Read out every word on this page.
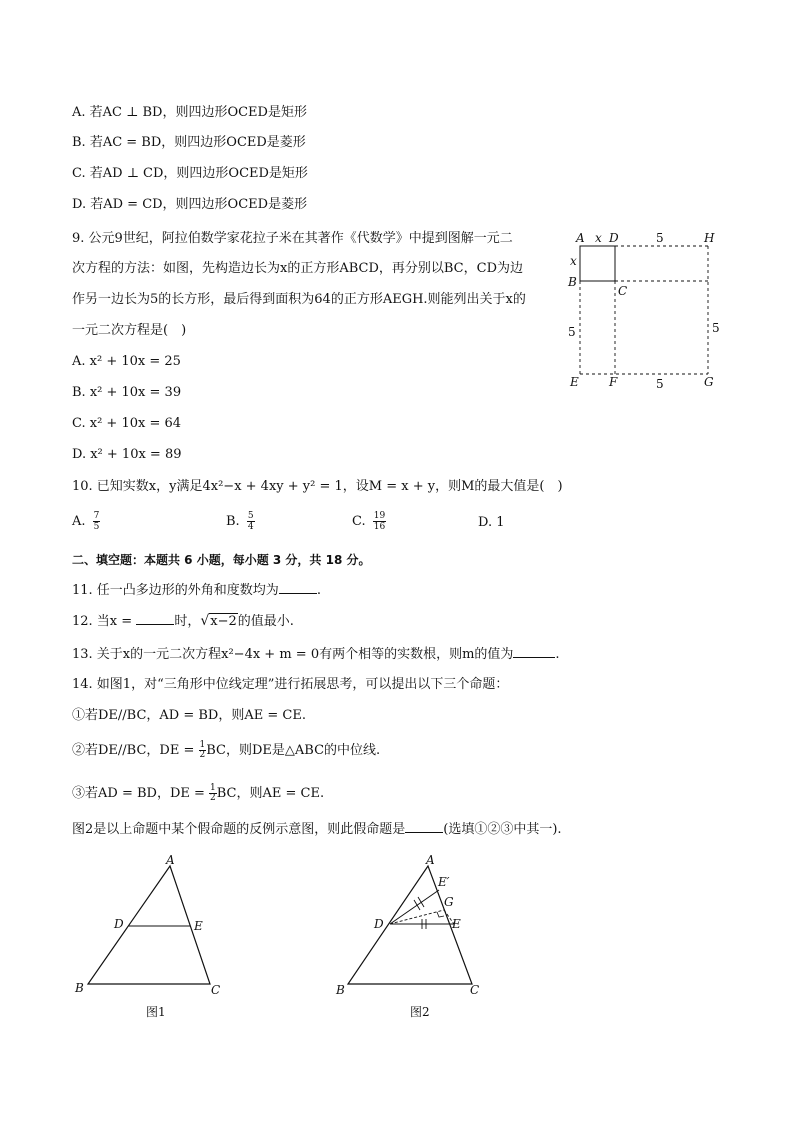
A. 若AC ⊥ BD，则四边形OCED是矩形
B. 若AC = BD，则四边形OCED是菱形
C. 若AD ⊥ CD，则四边形OCED是矩形
D. 若AD = CD，则四边形OCED是菱形
9. 公元9世纪，阿拉伯数学家花拉子米在其著作《代数学》中提到图解一元二
次方程的方法：如图，先构造边长为x的正方形ABCD，再分别以BC，CD为边
作另一边长为5的长方形，最后得到面积为64的正方形AEGH.则能列出关于x的
一元二次方程是(　)
A. x² + 10x = 25
B. x² + 10x = 39
C. x² + 10x = 64
D. x² + 10x = 89
A x D	5	H
x
B
C
5	5
E	F	5	G
10. 已知实数x，y满足4x²−x + 4xy + y² = 1，设M = x + y，则M的最大值是(　)
A. $\frac{7}{5}$	B. $\frac{5}{4}$	C. $\frac{19}{16}$	D. 1
二、填空题：本题共 6 小题，每小题 3 分，共 18 分。
11. 任一凸多边形的外角和度数均为	.
12. 当x =	时，√x−2的值最小.
13. 关于x的一元二次方程x²−4x + m = 0有两个相等的实数根，则m的值为	.
14. 如图1，对“三角形中位线定理”进行拓展思考，可以提出以下三个命题：
①若DE//BC，AD = BD，则AE = CE.
②若DE//BC，DE = $\frac{1}{2}$ BC，则DE是△ABC的中位线.
③若AD = BD，DE = $\frac{1}{2}$ BC，则AE = CE.
图2是以上命题中某个假命题的反例示意图，则此假命题是	(选填①②③中其一).
A
D	E
B	C
图1
A
E′
G
D	E
B	C
图2
